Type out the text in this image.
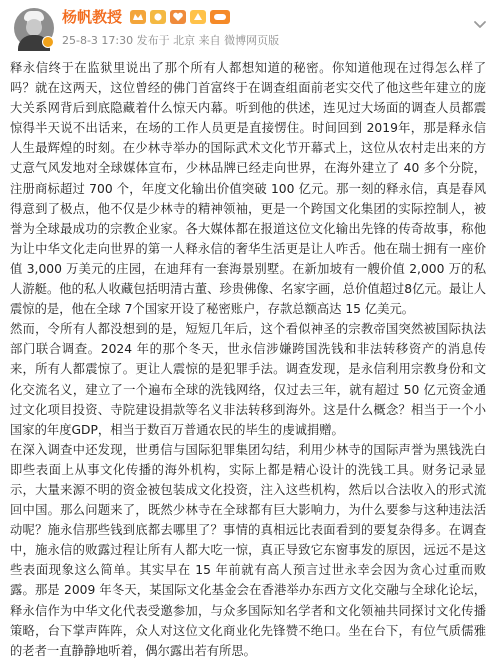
杨帆教授
25-8-3 17:30 发布于 北京 来自 微博网页版

释永信终于在监狱里说出了那个所有人都想知道的秘密。你知道他现在过得怎么样了吗？就在这两天，这位曾经的佛门首富终于在调查组面前老实交代了他这些年建立的庞大关系网背后到底隐藏着什么惊天内幕。听到他的供述，连见过大场面的调查人员都震惊得半天说不出话来，在场的工作人员更是直接愣住。时间回到 2019年，那是释永信人生最辉煌的时刻。在少林寺举办的国际武术文化节开幕式上，这位从农村走出来的方丈意气风发地对全球媒体宣布，少林品牌已经走向世界，在海外建立了 40 多个分院，注册商标超过 700 个，年度文化输出价值突破 100 亿元。那一刻的释永信，真是春风得意到了极点，他不仅是少林寺的精神领袖，更是一个跨国文化集团的实际控制人，被誉为全球最成功的宗教企业家。各大媒体都在报道这位文化输出先锋的传奇故事，称他为让中华文化走向世界的第一人释永信的奢华生活更是让人咋舌。他在瑞士拥有一座价值 3,000 万美元的庄园，在迪拜有一套海景别墅。在新加坡有一艘价值 2,000 万的私人游艇。他的私人收藏包括明清古董、珍贵佛像、名家字画，总价值超过8亿元。最让人震惊的是，他在全球 7个国家开设了秘密账户，存款总额高达 15 亿美元。

然而，令所有人都没想到的是，短短几年后，这个看似神圣的宗教帝国突然被国际执法部门联合调查。2024 年的那个冬天，世永信涉嫌跨国洗钱和非法转移资产的消息传来，所有人都震惊了。更让人震惊的是犯罪手法。调查发现，是永信利用宗教身份和文化交流名义，建立了一个遍布全球的洗钱网络，仅过去三年，就有超过 50 亿元资金通过文化项目投资、寺院建设捐款等名义非法转移到海外。这是什么概念？相当于一个小国家的年度GDP，相当于数百万普通农民的毕生的虔诚捐赠。

在深入调查中还发现，世勇信与国际犯罪集团勾结，利用少林寺的国际声誉为黑钱洗白即些表面上从事文化传播的海外机构，实际上都是精心设计的洗钱工具。财务记录显示，大量来源不明的资金被包装成文化投资，注入这些机构，然后以合法收入的形式流回中国。那么问题来了，既然少林寺在全球都有巨大影响力，为什么要参与这种违法活动呢？施永信那些钱到底都去哪里了？事情的真相远比表面看到的要复杂得多。在调查中，施永信的败露过程让所有人都大吃一惊，真正导致它东窗事发的原因，远远不是这些表面现象这么简单。其实早在 15 年前就有高人预言过世永幸会因为贪心过重而败露。那是 2009 年冬天，某国际文化基金会在香港举办东西方文化交融与全球化论坛，释永信作为中华文化代表受邀参加，与众多国际知名学者和文化领袖共同探讨文化传播策略，台下掌声阵阵，众人对这位文化商业化先锋赞不绝口。坐在台下，有位气质儒雅的老者一直静静地听着，偶尔露出若有所思。
